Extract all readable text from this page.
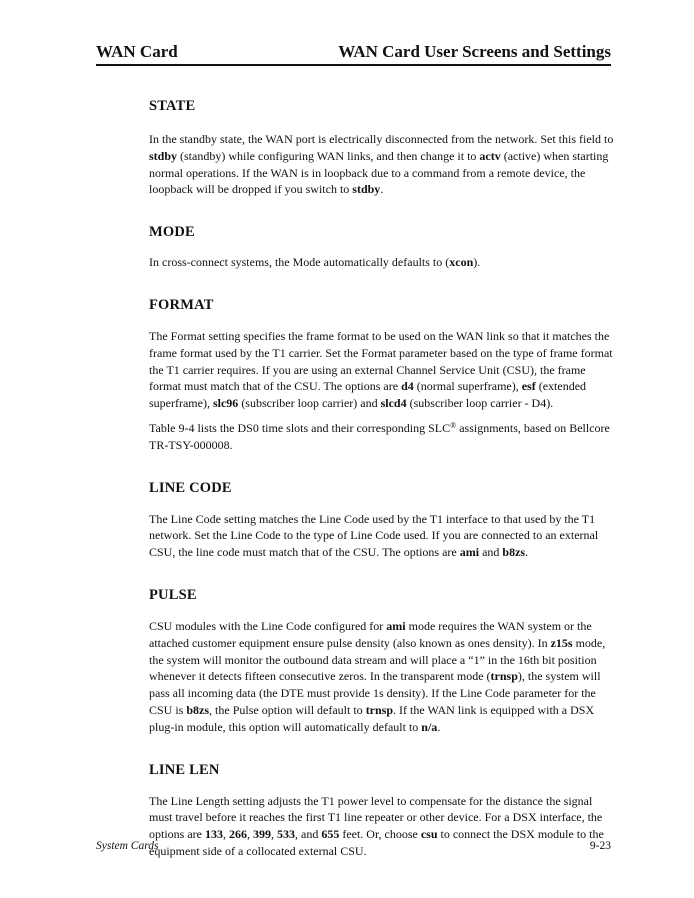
WAN Card	WAN Card User Screens and Settings
STATE

In the standby state, the WAN port is electrically disconnected from the network. Set this field to stdby (standby) while configuring WAN links, and then change it to actv (active) when starting normal operations. If the WAN is in loopback due to a command from a remote device, the loopback will be dropped if you switch to stdby.

MODE

In cross-connect systems, the Mode automatically defaults to (xcon).

FORMAT

The Format setting specifies the frame format to be used on the WAN link so that it matches the frame format used by the T1 carrier. Set the Format parameter based on the type of frame format the T1 carrier requires. If you are using an external Channel Service Unit (CSU), the frame format must match that of the CSU. The options are d4 (normal superframe), esf (extended superframe), slc96 (subscriber loop carrier) and slcd4 (subscriber loop carrier - D4).

Table 9-4 lists the DS0 time slots and their corresponding SLC® assignments, based on Bellcore TR-TSY-000008.

LINE CODE

The Line Code setting matches the Line Code used by the T1 interface to that used by the T1 network. Set the Line Code to the type of Line Code used. If you are connected to an external CSU, the line code must match that of the CSU. The options are ami and b8zs.

PULSE

CSU modules with the Line Code configured for ami mode requires the WAN system or the attached customer equipment ensure pulse density (also known as ones density). In z15s mode, the system will monitor the outbound data stream and will place a “1” in the 16th bit position whenever it detects fifteen consecutive zeros. In the transparent mode (trnsp), the system will pass all incoming data (the DTE must provide 1s density). If the Line Code parameter for the CSU is b8zs, the Pulse option will default to trnsp. If the WAN link is equipped with a DSX plug-in module, this option will automatically default to n/a.

LINE LEN

The Line Length setting adjusts the T1 power level to compensate for the distance the signal must travel before it reaches the first T1 line repeater or other device. For a DSX interface, the options are 133, 266, 399, 533, and 655 feet. Or, choose csu to connect the DSX module to the equipment side of a collocated external CSU.

System Cards	9-23
